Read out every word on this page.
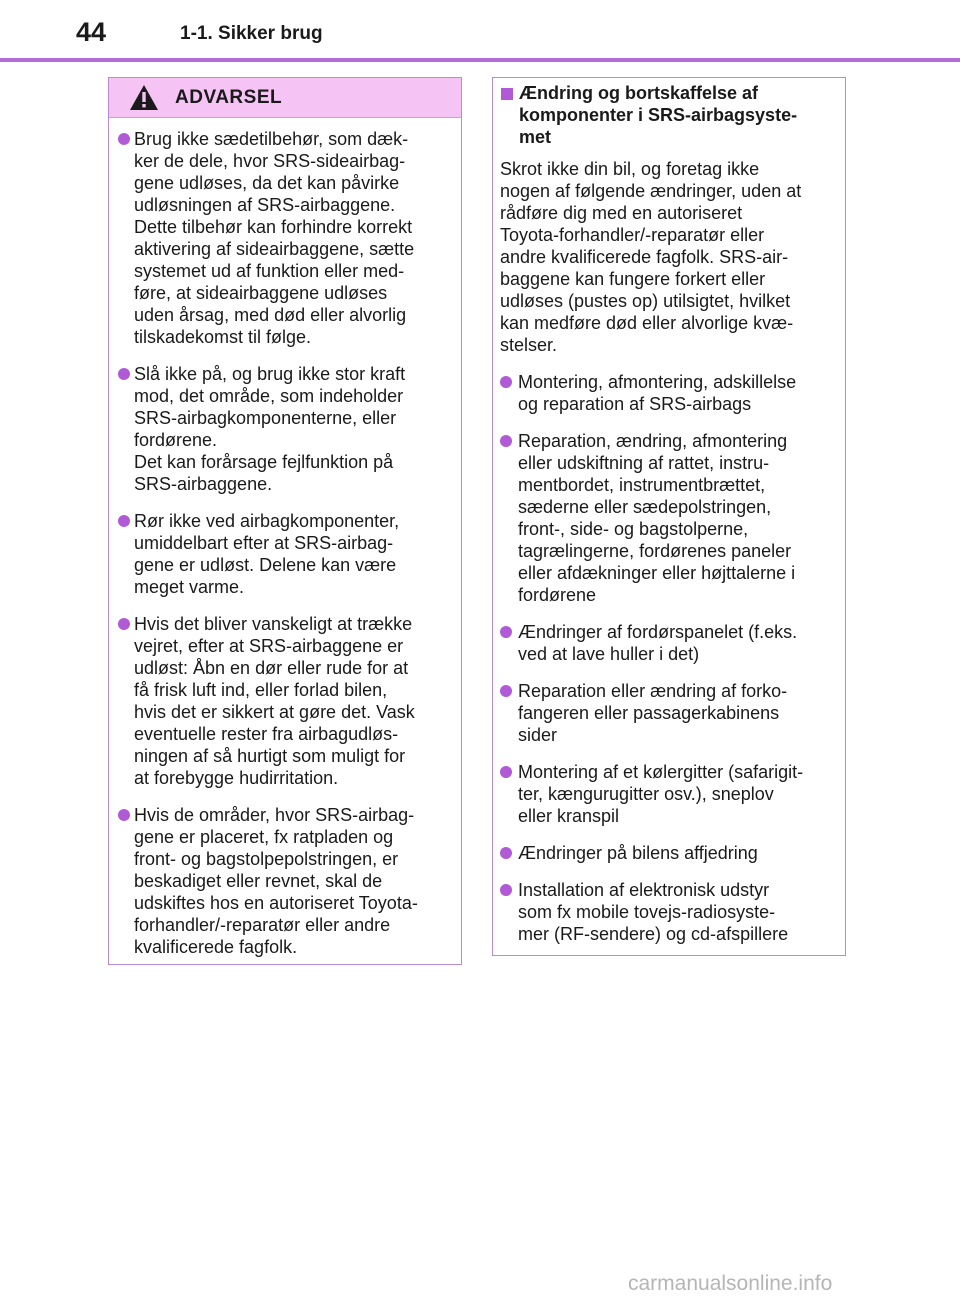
44	1-1. Sikker brug
ADVARSEL
Brug ikke sædetilbehør, som dæk-
ker de dele, hvor SRS-sideairbag-
gene udløses, da det kan påvirke
udløsningen af SRS-airbaggene.
Dette tilbehør kan forhindre korrekt
aktivering af sideairbaggene, sætte
systemet ud af funktion eller med-
føre, at sideairbaggene udløses
uden årsag, med død eller alvorlig
tilskadekomst til følge.
Slå ikke på, og brug ikke stor kraft
mod, det område, som indeholder
SRS-airbagkomponenterne, eller
fordørene.
Det kan forårsage fejlfunktion på
SRS-airbaggene.
Rør ikke ved airbagkomponenter,
umiddelbart efter at SRS-airbag-
gene er udløst. Delene kan være
meget varme.
Hvis det bliver vanskeligt at trække
vejret, efter at SRS-airbaggene er
udløst: Åbn en dør eller rude for at
få frisk luft ind, eller forlad bilen,
hvis det er sikkert at gøre det. Vask
eventuelle rester fra airbagudløs-
ningen af så hurtigt som muligt for
at forebygge hudirritation.
Hvis de områder, hvor SRS-airbag-
gene er placeret, fx ratpladen og
front- og bagstolpepolstringen, er
beskadiget eller revnet, skal de
udskiftes hos en autoriseret Toyota-
forhandler/-reparatør eller andre
kvalificerede fagfolk.
Ændring og bortskaffelse af
komponenter i SRS-airbagsyste-
met
Skrot ikke din bil, og foretag ikke
nogen af følgende ændringer, uden at
rådføre dig med en autoriseret
Toyota-forhandler/-reparatør eller
andre kvalificerede fagfolk. SRS-air-
baggene kan fungere forkert eller
udløses (pustes op) utilsigtet, hvilket
kan medføre død eller alvorlige kvæ-
stelser.
Montering, afmontering, adskillelse
og reparation af SRS-airbags
Reparation, ændring, afmontering
eller udskiftning af rattet, instru-
mentbordet, instrumentbrættet,
sæderne eller sædepolstringen,
front-, side- og bagstolperne,
tagrælingerne, fordørenes paneler
eller afdækninger eller højttalerne i
fordørene
Ændringer af fordørspanelet (f.eks.
ved at lave huller i det)
Reparation eller ændring af forko-
fangeren eller passagerkabinens
sider
Montering af et kølergitter (safarigit-
ter, kængurugitter osv.), sneplov
eller kranspil
Ændringer på bilens affjedring
Installation af elektronisk udstyr
som fx mobile tovejs-radiosyste-
mer (RF-sendere) og cd-afspillere
carmanualsonline.info
